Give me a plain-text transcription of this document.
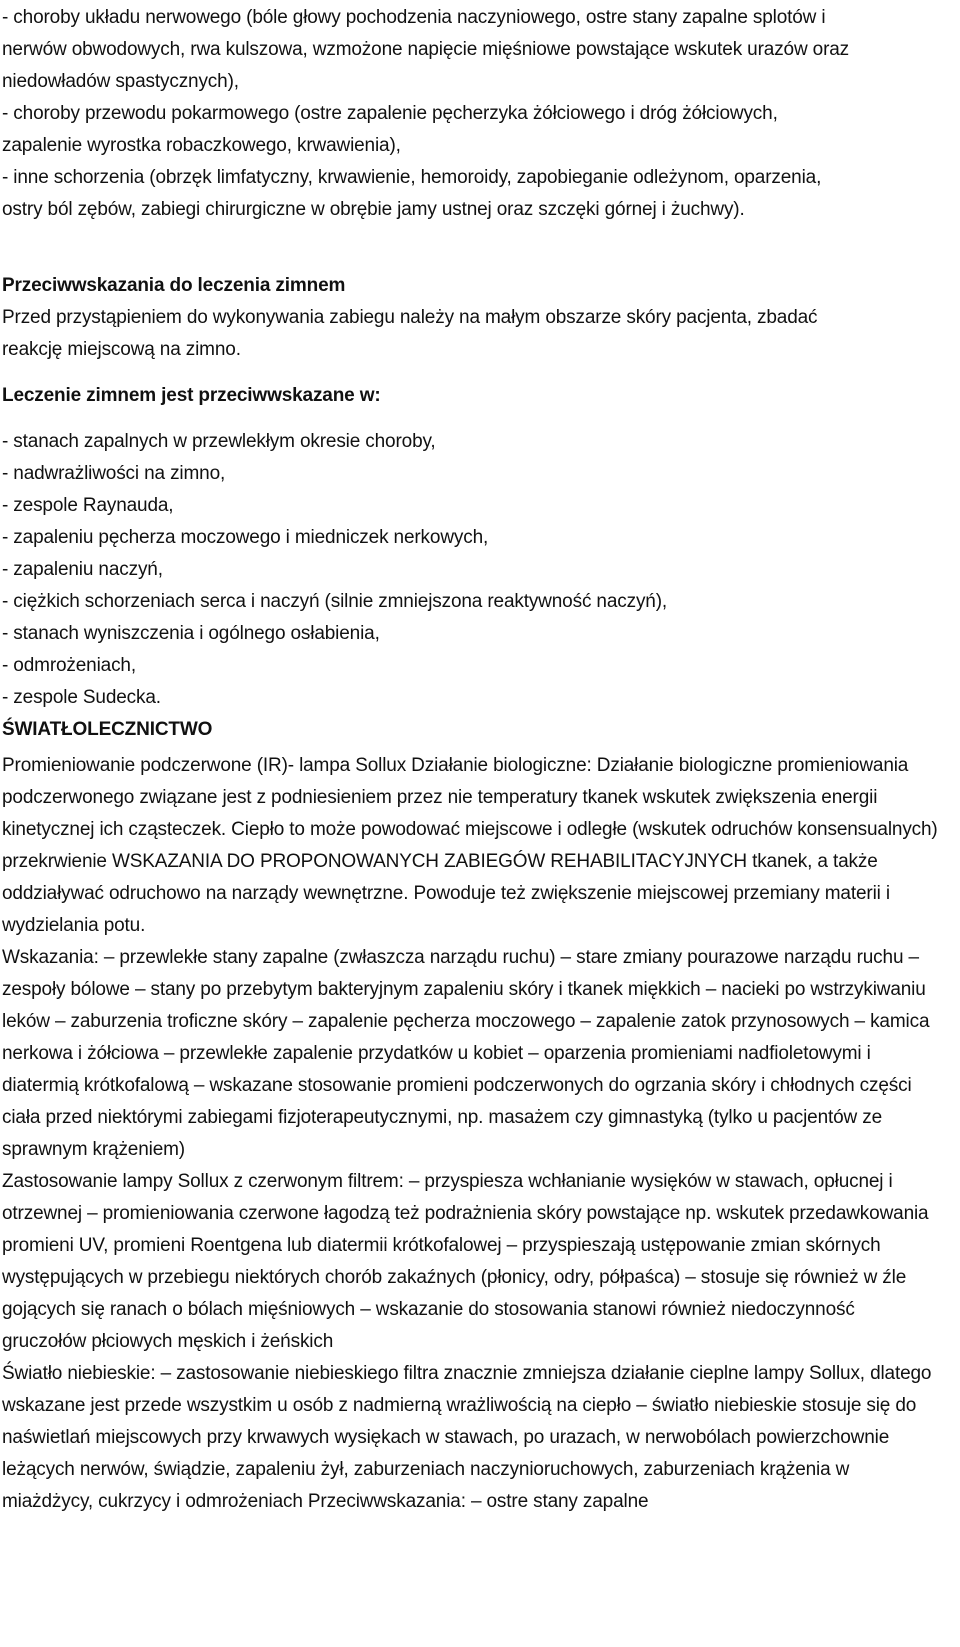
- choroby układu nerwowego (bóle głowy pochodzenia naczyniowego, ostre stany zapalne splotów i
nerwów obwodowych, rwa kulszowa, wzmożone napięcie mięśniowe powstające wskutek urazów oraz
niedowładów spastycznych),
- choroby przewodu pokarmowego (ostre zapalenie pęcherzyka żółciowego i dróg żółciowych,
zapalenie wyrostka robaczkowego, krwawienia),
- inne schorzenia (obrzęk limfatyczny, krwawienie, hemoroidy, zapobieganie odleżynom, oparzenia,
ostry ból zębów, zabiegi chirurgiczne w obrębie jamy ustnej oraz szczęki górnej i żuchwy).
Przeciwwskazania do leczenia zimnem
Przed przystąpieniem do wykonywania zabiegu należy na małym obszarze skóry pacjenta, zbadać
reakcję miejscową na zimno.
Leczenie zimnem jest przeciwwskazane w:
- stanach zapalnych w przewlekłym okresie choroby,
- nadwrażliwości na zimno,
- zespole Raynauda,
- zapaleniu pęcherza moczowego i miedniczek nerkowych,
- zapaleniu naczyń,
- ciężkich schorzeniach serca i naczyń (silnie zmniejszona reaktywność naczyń),
- stanach wyniszczenia i ogólnego osłabienia,
- odmrożeniach,
- zespole Sudecka.
ŚWIATŁOLECZNICTWO
Promieniowanie podczerwone (IR)- lampa Sollux Działanie biologiczne: Działanie biologiczne promieniowania
podczerwonego związane jest z podniesieniem przez nie temperatury tkanek wskutek zwiększenia energii
kinetycznej ich cząsteczek. Ciepło to może powodować miejscowe i odległe (wskutek odruchów konsensualnych)
przekrwienie WSKAZANIA DO PROPONOWANYCH ZABIEGÓW REHABILITACYJNYCH tkanek, a także
oddziaływać odruchowo na narządy wewnętrzne. Powoduje też zwiększenie miejscowej przemiany materii i
wydzielania potu.
Wskazania: – przewlekłe stany zapalne (zwłaszcza narządu ruchu) – stare zmiany pourazowe narządu ruchu –
zespoły bólowe – stany po przebytym bakteryjnym zapaleniu skóry i tkanek miękkich – nacieki po wstrzykiwaniu
leków – zaburzenia troficzne skóry – zapalenie pęcherza moczowego – zapalenie zatok przynosowych – kamica
nerkowa i żółciowa – przewlekłe zapalenie przydatków u kobiet – oparzenia promieniami nadfioletowymi i
diatermią krótkofalową – wskazane stosowanie promieni podczerwonych do ogrzania skóry i chłodnych części
ciała przed niektórymi zabiegami fizjoterapeutycznymi, np. masażem czy gimnastyką (tylko u pacjentów ze
sprawnym krążeniem)
Zastosowanie lampy Sollux z czerwonym filtrem: – przyspiesza wchłanianie wysięków w stawach, opłucnej i
otrzewnej – promieniowania czerwone łagodzą też podrażnienia skóry powstające np. wskutek przedawkowania
promieni UV, promieni Roentgena lub diatermii krótkofalowej – przyspieszają ustępowanie zmian skórnych
występujących w przebiegu niektórych chorób zakaźnych (płonicy, odry, półpaśca) – stosuje się również w źle
gojących się ranach o bólach mięśniowych – wskazanie do stosowania stanowi również niedoczynność
gruczołów płciowych męskich i żeńskich
Światło niebieskie: – zastosowanie niebieskiego filtra znacznie zmniejsza działanie cieplne lampy Sollux, dlatego
wskazane jest przede wszystkim u osób z nadmierną wrażliwością na ciepło – światło niebieskie stosuje się do
naświetlań miejscowych przy krwawych wysiękach w stawach, po urazach, w nerwobólach powierzchownie
leżących nerwów, świądzie, zapaleniu żył, zaburzeniach naczynioruchowych, zaburzeniach krążenia w
miażdżycy, cukrzycy i odmrożeniach Przeciwwskazania: – ostre stany zapalne
